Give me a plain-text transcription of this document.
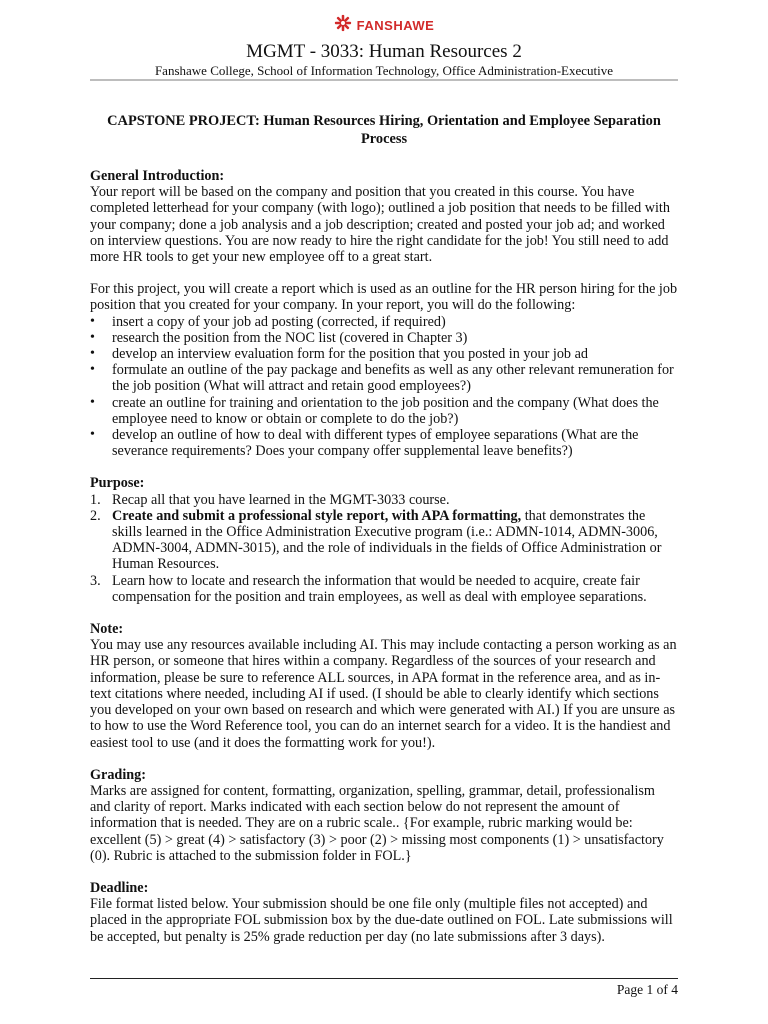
FANSHAWE
MGMT - 3033: Human Resources 2
Fanshawe College, School of Information Technology, Office Administration-Executive
CAPSTONE PROJECT: Human Resources Hiring, Orientation and Employee Separation Process

General Introduction:

Your report will be based on the company and position that you created in this course. You have completed letterhead for your company (with logo); outlined a job position that needs to be filled with your company; done a job analysis and a job description; created and posted your job ad; and worked on interview questions. You are now ready to hire the right candidate for the job! You still need to add more HR tools to get your new employee off to a great start.

For this project, you will create a report which is used as an outline for the HR person hiring for the job position that you created for your company. In your report, you will do the following:

• insert a copy of your job ad posting (corrected, if required)
• research the position from the NOC list (covered in Chapter 3)
• develop an interview evaluation form for the position that you posted in your job ad
• formulate an outline of the pay package and benefits as well as any other relevant remuneration for the job position (What will attract and retain good employees?)
• create an outline for training and orientation to the job position and the company (What does the employee need to know or obtain or complete to do the job?)
• develop an outline of how to deal with different types of employee separations (What are the severance requirements? Does your company offer supplemental leave benefits?)

Purpose:

1. Recap all that you have learned in the MGMT-3033 course.
2. Create and submit a professional style report, with APA formatting, that demonstrates the skills learned in the Office Administration Executive program (i.e.: ADMN-1014, ADMN-3006, ADMN-3004, ADMN-3015), and the role of individuals in the fields of Office Administration or Human Resources.
3. Learn how to locate and research the information that would be needed to acquire, create fair compensation for the position and train employees, as well as deal with employee separations.

Note:

You may use any resources available including AI. This may include contacting a person working as an HR person, or someone that hires within a company. Regardless of the sources of your research and information, please be sure to reference ALL sources, in APA format in the reference area, and as in-text citations where needed, including AI if used. (I should be able to clearly identify which sections you developed on your own based on research and which were generated with AI.) If you are unsure as to how to use the Word Reference tool, you can do an internet search for a video. It is the handiest and easiest tool to use (and it does the formatting work for you!).

Grading:

Marks are assigned for content, formatting, organization, spelling, grammar, detail, professionalism and clarity of report. Marks indicated with each section below do not represent the amount of information that is needed. They are on a rubric scale.. {For example, rubric marking would be: excellent (5) > great (4) > satisfactory (3) > poor (2) > missing most components (1) > unsatisfactory (0). Rubric is attached to the submission folder in FOL.}

Deadline:

File format listed below. Your submission should be one file only (multiple files not accepted) and placed in the appropriate FOL submission box by the due-date outlined on FOL. Late submissions will be accepted, but penalty is 25% grade reduction per day (no late submissions after 3 days).

Page 1 of 4
